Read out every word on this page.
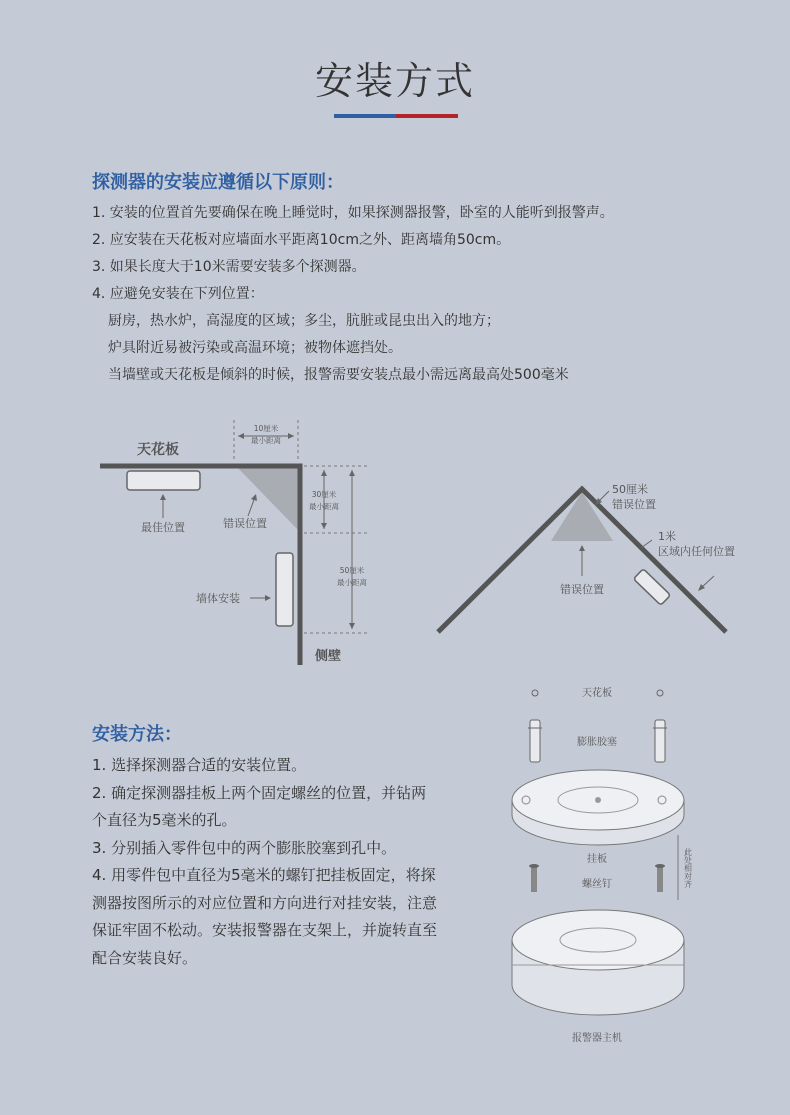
安装方式
探测器的安装应遵循以下原则：
1. 安装的位置首先要确保在晚上睡觉时，如果探测器报警，卧室的人能听到报警声。
2. 应安装在天花板对应墙面水平距离10cm之外、距离墙角50cm。
3. 如果长度大于10米需要安装多个探测器。
4. 应避免安装在下列位置：
厨房，热水炉，高湿度的区域；多尘，肮脏或昆虫出入的地方；
炉具附近易被污染或高温环境；被物体遮挡处。
当墙壁或天花板是倾斜的时候，报警需要安装点最小需远离最高处500毫米
10厘米
最小距离
30厘米
最小距离
50厘米
最小距离
天花板
最佳位置	错误位置
墙体安装
侧壁
50厘米
错误位置
1米
区域内任何位置
错误位置
天花板
膨胀胶塞
挂板
螺丝钉	此处相对齐
报警器主机
安装方法：
1. 选择探测器合适的安装位置。
2. 确定探测器挂板上两个固定螺丝的位置，并钻两
个直径为5毫米的孔。
3. 分别插入零件包中的两个膨胀胶塞到孔中。
4. 用零件包中直径为5毫米的螺钉把挂板固定，将探
测器按图所示的对应位置和方向进行对挂安装，注意
保证牢固不松动。安装报警器在支架上，并旋转直至
配合安装良好。
